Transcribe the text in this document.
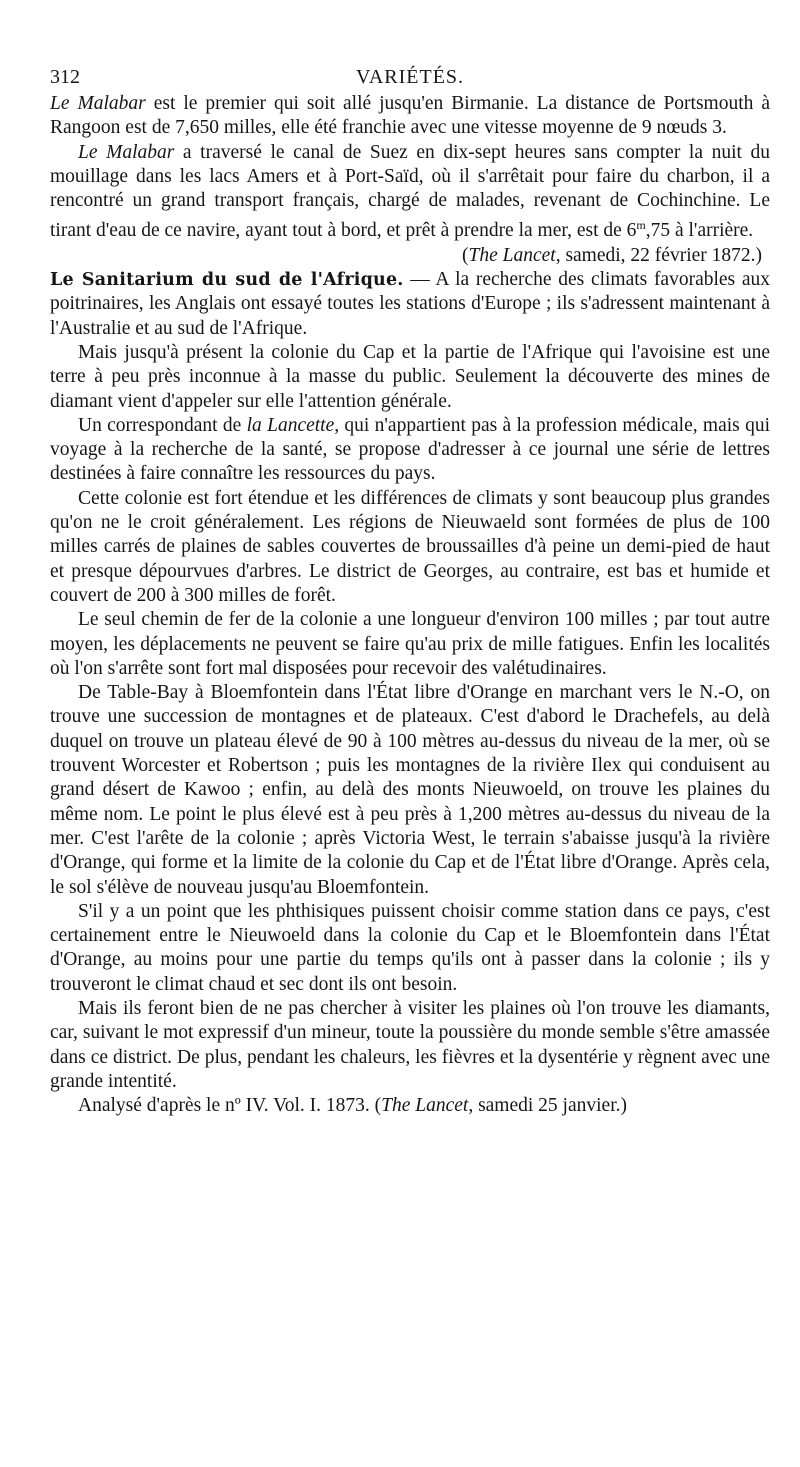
312	VARIÉTÉS.

Le Malabar est le premier qui soit allé jusqu'en Birmanie. La distance de Portsmouth à Rangoon est de 7,650 milles, elle été franchie avec une vitesse moyenne de 9 nœuds 3.

Le Malabar a traversé le canal de Suez en dix-sept heures sans compter la nuit du mouillage dans les lacs Amers et à Port-Saïd, où il s'arrêtait pour faire du charbon, il a rencontré un grand transport français, chargé de malades, revenant de Cochinchine. Le tirant d'eau de ce navire, ayant tout à bord, et prêt à prendre la mer, est de 6$^m$,75 à l'arrière.

(The Lancet, samedi, 22 février 1872.)

Le Sanitarium du sud de l'Afrique. — A la recherche des climats favorables aux poitrinaires, les Anglais ont essayé toutes les stations d'Europe ; ils s'adressent maintenant à l'Australie et au sud de l'Afrique.

Mais jusqu'à présent la colonie du Cap et la partie de l'Afrique qui l'avoisine est une terre à peu près inconnue à la masse du public. Seulement la découverte des mines de diamant vient d'appeler sur elle l'attention générale.

Un correspondant de la Lancette, qui n'appartient pas à la profession médicale, mais qui voyage à la recherche de la santé, se propose d'adresser à ce journal une série de lettres destinées à faire connaître les ressources du pays.

Cette colonie est fort étendue et les différences de climats y sont beaucoup plus grandes qu'on ne le croit généralement. Les régions de Nieuwaeld sont formées de plus de 100 milles carrés de plaines de sables couvertes de broussailles d'à peine un demi-pied de haut et presque dépourvues d'arbres. Le district de Georges, au contraire, est bas et humide et couvert de 200 à 300 milles de forêt.

Le seul chemin de fer de la colonie a une longueur d'environ 100 milles ; par tout autre moyen, les déplacements ne peuvent se faire qu'au prix de mille fatigues. Enfin les localités où l'on s'arrête sont fort mal disposées pour recevoir des valétudinaires.

De Table-Bay à Bloemfontein dans l'État libre d'Orange en marchant vers le N.-O, on trouve une succession de montagnes et de plateaux. C'est d'abord le Drachefels, au delà duquel on trouve un plateau élevé de 90 à 100 mètres au-dessus du niveau de la mer, où se trouvent Worcester et Robertson ; puis les montagnes de la rivière Ilex qui conduisent au grand désert de Kawoo ; enfin, au delà des monts Nieuwoeld, on trouve les plaines du même nom. Le point le plus élevé est à peu près à 1,200 mètres au-dessus du niveau de la mer. C'est l'arête de la colonie ; après Victoria West, le terrain s'abaisse jusqu'à la rivière d'Orange, qui forme et la limite de la colonie du Cap et de l'État libre d'Orange. Après cela, le sol s'élève de nouveau jusqu'au Bloemfontein.

S'il y a un point que les phthisiques puissent choisir comme station dans ce pays, c'est certainement entre le Nieuwoeld dans la colonie du Cap et le Bloemfontein dans l'État d'Orange, au moins pour une partie du temps qu'ils ont à passer dans la colonie ; ils y trouveront le climat chaud et sec dont ils ont besoin.

Mais ils feront bien de ne pas chercher à visiter les plaines où l'on trouve les diamants, car, suivant le mot expressif d'un mineur, toute la poussière du monde semble s'être amassée dans ce district. De plus, pendant les chaleurs, les fièvres et la dysentérie y règnent avec une grande intentité.

Analysé d'après le nº IV. Vol. I. 1873. (The Lancet, samedi 25 janvier.)
